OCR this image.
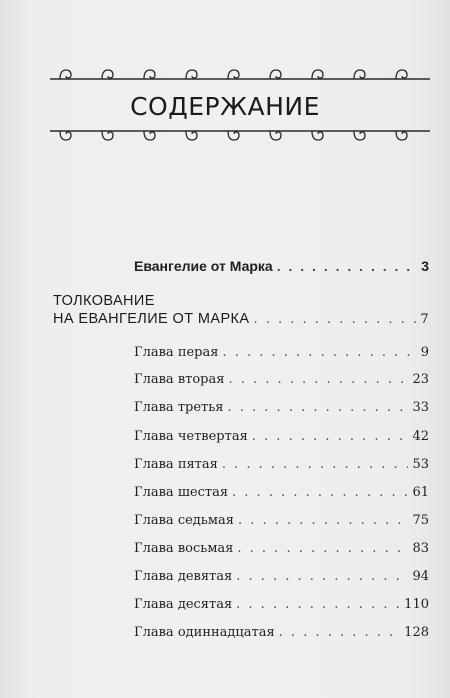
СОДЕРЖАНИЕ
Евангелие от Марка . . .	3
ТОЛКОВАНИЕ
НА ЕВАНГЕЛИЕ ОТ МАРКА . . .	7
Глава перая . . .	9
Глава вторая . . .	23
Глава третья . . .	33
Глава четвертая . . .	42
Глава пятая . . .	53
Глава шестая . . .	61
Глава седьмая . . .	75
Глава восьмая . . .	83
Глава девятая . . .	94
Глава десятая . . .	110
Глава одиннадцатая . . .	128
